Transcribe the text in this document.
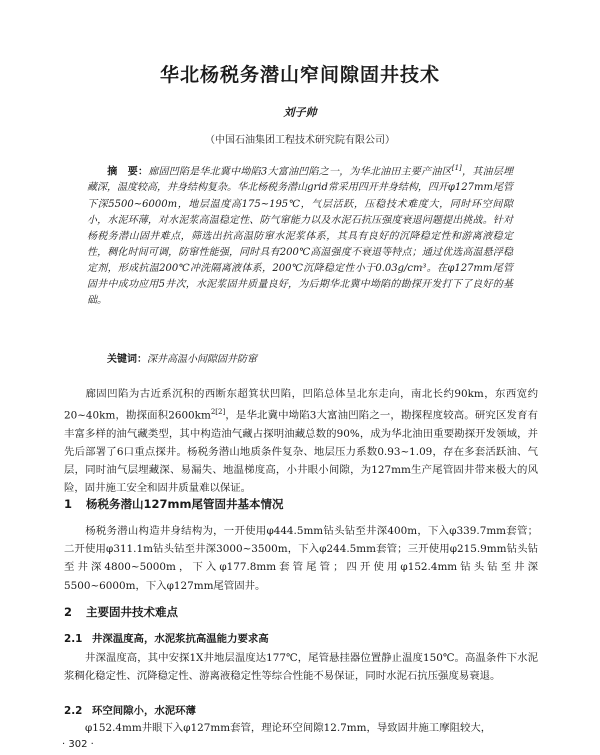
华北杨税务潜山窄间隙固井技术
刘子帅
（中国石油集团工程技术研究院有限公司）
摘　要：廊固凹陷是华北冀中坳陷3大富油凹陷之一，为华北油田主要产油区[1]，其油层埋藏深，温度较高，井身结构复杂。华北杨税务潜山grid常采用四开井身结构，四开φ127mm尾管下深5500~6000m，地层温度高175~195℃，气层活跃，压稳技术难度大，同时环空间隙小，水泥环薄，对水泥浆高温稳定性、防气窜能力以及水泥石抗压强度衰退问题提出挑战。针对杨税务潜山固井难点，筛选出抗高温防窜水泥浆体系，其具有良好的沉降稳定性和游离液稳定性，稠化时间可调，防窜性能强，同时具有200℃高温强度不衰退等特点；通过优选高温悬浮稳定剂，形成抗温200℃冲洗隔离液体系，200℃沉降稳定性小于0.03g/cm³。在φ127mm尾管固井中成功应用5井次，水泥浆固井质量良好，为后期华北冀中坳陷的勘探开发打下了良好的基础。
关键词：深井高温小间隙固井防窜
廊固凹陷为古近系沉积的西断东超箕状凹陷，凹陷总体呈北东走向，南北长约90km，东西宽约20~40km，勘探面积$2600km^{2[2]}$，是华北冀中坳陷3大富油凹陷之一，勘探程度较高。研究区发育有丰富多样的油气藏类型，其中构造油气藏占探明油藏总数的90%，成为华北油田重要勘探开发领域，并先后部署了6口重点探井。杨税务潜山地质条件复杂、地层压力系数0.93~1.09，存在多套活跃油、气层，同时油气层埋藏深、易漏失、地温梯度高，小井眼小间隙，为127mm生产尾管固井带来极大的风险，固井施工安全和固井质量难以保证。
1 杨税务潜山127mm尾管固井基本情况
杨税务潜山构造井身结构为，一开使用φ444.5mm钻头钻至井深400m，下入φ339.7mm套管；二开使用φ311.1m钻头钻至井深3000~3500m，下入φ244.5mm套管；三开使用φ215.9mm钻头钻至井深4800~5000m，下入φ177.8mm套管尾管；四开使用φ152.4mm钻头钻至井深5500~6000m，下入φ127mm尾管固井。
2 主要固井技术难点
2.1 井深温度高，水泥浆抗高温能力要求高
井深温度高，其中安探1X井地层温度达177℃，尾管悬挂器位置静止温度150℃。高温条件下水泥浆稠化稳定性、沉降稳定性、游离液稳定性等综合性能不易保证，同时水泥石抗压强度易衰退。
2.2 环空间隙小，水泥环薄
φ152.4mm井眼下入φ127mm套管，理论环空间隙12.7mm，导致固井施工摩阻较大，
· 302 ·
